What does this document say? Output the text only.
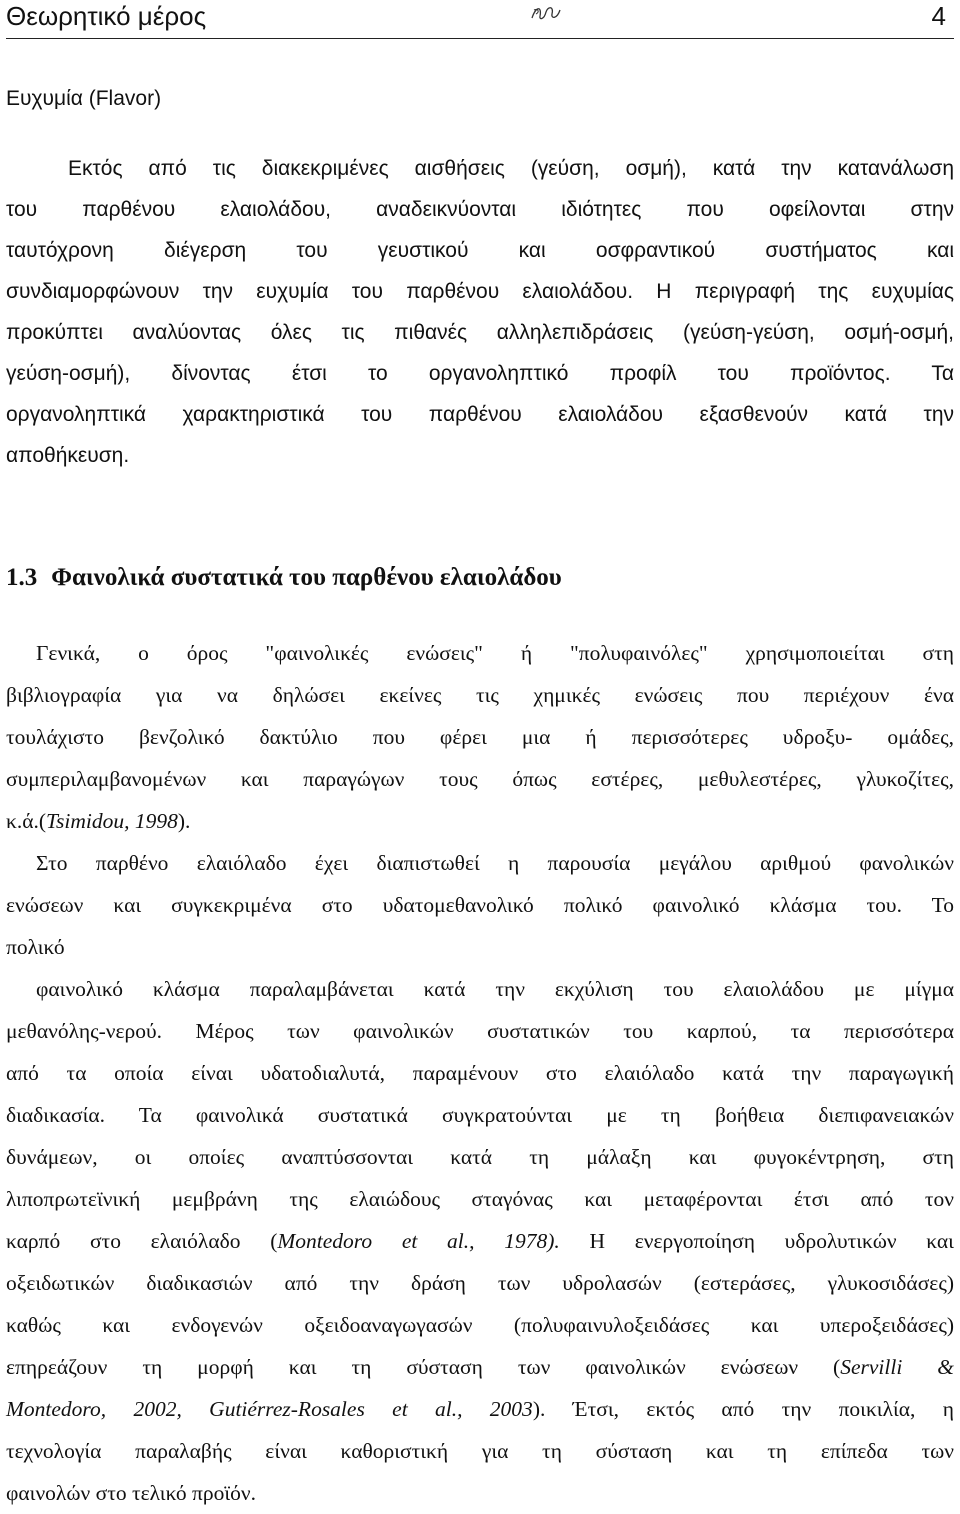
Θεωρητικό μέρος	4
Ευχυμία (Flavor)
Εκτός από τις διακεκριμένες αισθήσεις (γεύση, οσμή), κατά την κατανάλωση
του παρθένου ελαιολάδου, αναδεικνύονται ιδιότητες που οφείλονται στην
ταυτόχρονη διέγερση του γευστικού και οσφραντικού συστήματος και
συνδιαμορφώνουν την ευχυμία του παρθένου ελαιολάδου. Η περιγραφή της ευχυμίας
προκύπτει αναλύοντας όλες τις πιθανές αλληλεπιδράσεις (γεύση-γεύση, οσμή-οσμή,
γεύση-οσμή), δίνοντας έτσι το οργανοληπτικό προφίλ του προϊόντος. Τα
οργανοληπτικά χαρακτηριστικά του παρθένου ελαιολάδου εξασθενούν κατά την
αποθήκευση.
1.3 Φαινολικά συστατικά του παρθένου ελαιολάδου
Γενικά, ο όρος "φαινολικές ενώσεις" ή "πολυφαινόλες" χρησιμοποιείται στη
βιβλιογραφία για να δηλώσει εκείνες τις χημικές ενώσεις που περιέχουν ένα
τουλάχιστο βενζολικό δακτύλιο που φέρει μια ή περισσότερες υδροξυ- ομάδες,
συμπεριλαμβανομένων και παραγώγων τους όπως εστέρες, μεθυλεστέρες, γλυκοζίτες,
κ.ά.(Tsimidou, 1998).
Στο παρθένο ελαιόλαδο έχει διαπιστωθεί η παρουσία μεγάλου αριθμού φανολικών
ενώσεων και συγκεκριμένα στο υδατομεθανολικό πολικό φαινολικό κλάσμα του. Το
πολικό
φαινολικό κλάσμα παραλαμβάνεται κατά την εκχύλιση του ελαιολάδου με μίγμα
μεθανόλης-νερού. Μέρος των φαινολικών συστατικών του καρπού, τα περισσότερα
από τα οποία είναι υδατοδιαλυτά, παραμένουν στο ελαιόλαδο κατά την παραγωγική
διαδικασία. Τα φαινολικά συστατικά συγκρατούνται με τη βοήθεια διεπιφανειακών
δυνάμεων, οι οποίες αναπτύσσονται κατά τη μάλαξη και φυγοκέντρηση, στη
λιποπρωτεϊνική μεμβράνη της ελαιώδους σταγόνας και μεταφέρονται έτσι από τον
καρπό στο ελαιόλαδο (Montedoro et al., 1978). Η ενεργοποίηση υδρολυτικών και
οξειδωτικών διαδικασιών από την δράση των υδρολασών (εστεράσες, γλυκοσιδάσες)
καθώς και ενδογενών οξειδοαναγωγασών (πολυφαινυλοξειδάσες και υπεροξειδάσες)
επηρεάζουν τη μορφή και τη σύσταση των φαινολικών ενώσεων (Servilli &
Montedoro, 2002, Gutiérrez-Rosales et al., 2003). Έτσι, εκτός από την ποικιλία, η
τεχνολογία παραλαβής είναι καθοριστική για τη σύσταση και τη επίπεδα των
φαινολών στο τελικό προϊόν.
